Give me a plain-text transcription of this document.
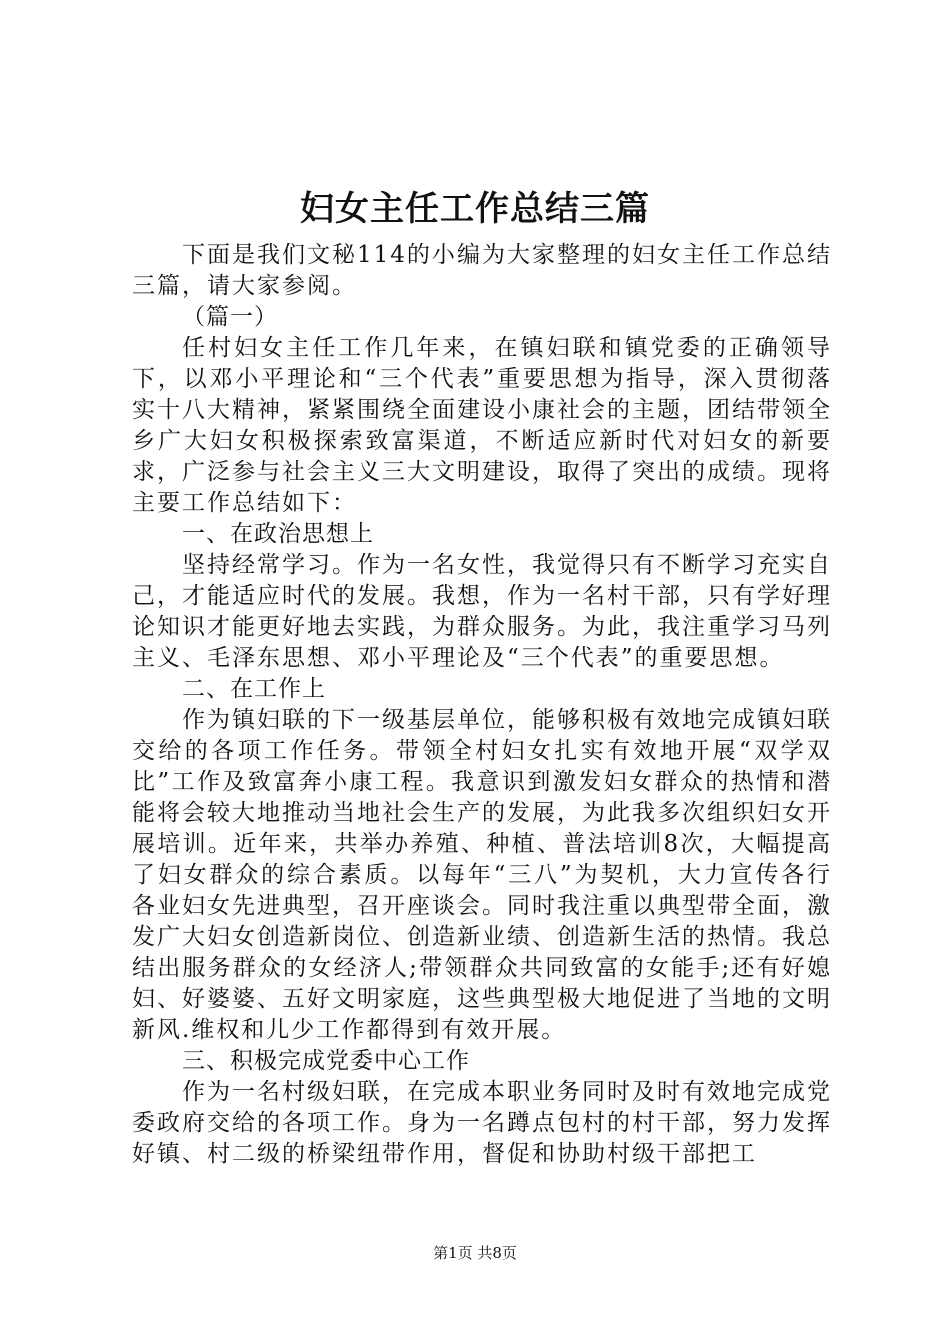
妇女主任工作总结三篇

下面是我们文秘114的小编为大家整理的妇女主任工作总结三篇，请大家参阅。

（篇一）

任村妇女主任工作几年来，在镇妇联和镇党委的正确领导下，以邓小平理论和“三个代表”重要思想为指导，深入贯彻落实十八大精神，紧紧围绕全面建设小康社会的主题，团结带领全乡广大妇女积极探索致富渠道，不断适应新时代对妇女的新要求，广泛参与社会主义三大文明建设，取得了突出的成绩。现将主要工作总结如下：

一、在政治思想上

坚持经常学习。作为一名女性，我觉得只有不断学习充实自己，才能适应时代的发展。我想，作为一名村干部，只有学好理论知识才能更好地去实践，为群众服务。为此，我注重学习马列主义、毛泽东思想、邓小平理论及“三个代表”的重要思想。

二、在工作上

作为镇妇联的下一级基层单位，能够积极有效地完成镇妇联交给的各项工作任务。带领全村妇女扎实有效地开展“双学双比”工作及致富奔小康工程。我意识到激发妇女群众的热情和潜能将会较大地推动当地社会生产的发展，为此我多次组织妇女开展培训。近年来，共举办养殖、种植、普法培训8次，大幅提高了妇女群众的综合素质。以每年“三八”为契机，大力宣传各行各业妇女先进典型，召开座谈会。同时我注重以典型带全面，激发广大妇女创造新岗位、创造新业绩、创造新生活的热情。我总结出服务群众的女经济人;带领群众共同致富的女能手;还有好媳妇、好婆婆、五好文明家庭，这些典型极大地促进了当地的文明新风.维权和儿少工作都得到有效开展。

三、积极完成党委中心工作

作为一名村级妇联，在完成本职业务同时及时有效地完成党委政府交给的各项工作。身为一名蹲点包村的村干部，努力发挥好镇、村二级的桥梁纽带作用，督促和协助村级干部把工

第1页 共8页
